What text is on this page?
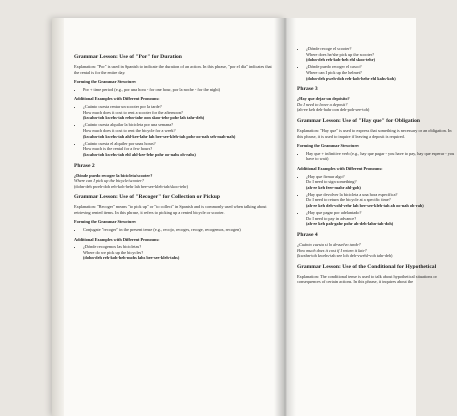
Grammar Lesson: Use of "Por" for Duration
Explanation: "Por" is used in Spanish to indicate the duration of an action. In this phrase, "por el día" indicates that the rental is for the entire day.
Forming the Grammar Structure:
• Por + time period (e.g., por una hora - for one hour, por la noche - for the night)
Additional Examples with Different Pronouns:
• ¿Cuánto cuesta rentar un scooter por la tarde?
How much does it cost to rent a scooter for the afternoon?
(kwahn-toh kwehs-tah rehn-tahr oon skoo-tehr pohr lah tahr-deh)
• ¿Cuánto cuesta alquilar la bicicleta por una semana?
How much does it cost to rent the bicycle for a week?
(kwahn-toh kwehs-tah ahl-kee-lahr lah bee-see-kleh-tah pohr oo-nah seh-mah-nah)
• ¿Cuánto cuesta el alquiler por unas horas?
How much is the rental for a few hours?
(kwahn-toh kwehs-tah ehl ahl-kee-lehr pohr oo-nahs oh-rahs)
Phrase 2
¿Dónde puedo recoger la bicicleta/scooter?
Where can I pick up the bicycle/scooter?
(dohn-deh pweh-doh reh-koh-hehr lah bee-see-kleh-tah/skoo-tehr)
Grammar Lesson: Use of "Recoger" for Collection or Pickup
Explanation: "Recoger" means "to pick up" or "to collect" in Spanish and is commonly used when talking about retrieving rented items. In this phrase, it refers to picking up a rented bicycle or scooter.
Forming the Grammar Structure:
• Conjugate "recoger" in the present tense (e.g., recojo, recoges, recoge, recogemos, recogen)
Additional Examples with Different Pronouns:
• ¿Dónde recogemos las bicicletas?
Where do we pick up the bicycles?
(dohn-deh reh-koh-heh-mohs lahs bee-see-kleh-tahs)
• ¿Dónde recoge el scooter?
Where does he/she pick up the scooter?
(dohn-deh reh-koh-heh ehl skoo-tehr)
• ¿Dónde puedo recoger el casco?
Where can I pick up the helmet?
(dohn-deh pweh-doh reh-koh-hehr ehl kahs-koh)
Phrase 3
¿Hay que dejar un depósito?
Do I need to leave a deposit?
(ah-ee keh deh-hahr oon deh-poh-see-toh)
Grammar Lesson: Use of "Hay que" for Obligation
Explanation: "Hay que" is used to express that something is necessary or an obligation. In this phrase, it is used to inquire if leaving a deposit is required.
Forming the Grammar Structure:
• Hay que + infinitive verb (e.g., hay que pagar - you have to pay, hay que esperar - you have to wait)
Additional Examples with Different Pronouns:
• ¿Hay que firmar algo?
Do I need to sign something?
(ah-ee keh feer-mahr ahl-goh)
• ¿Hay que devolver la bicicleta a una hora específica?
Do I need to return the bicycle at a specific time?
(ah-ee keh deh-vohl-vehr lah bee-see-kleh-tah ah oo-nah oh-rah)
• ¿Hay que pagar por adelantado?
Do I need to pay in advance?
(ah-ee keh pah-gahr pohr ah-deh-lahn-tah-doh)
Phrase 4
¿Cuánto cuesta si lo devuelvo tarde?
How much does it cost if I return it late?
(kwahn-toh kwehs-tah see loh deh-vwehl-voh tahr-deh)
Grammar Lesson: Use of the Conditional for Hypothetical
Explanation: The conditional tense is used to talk about hypothetical situations or consequences of certain actions. In this phrase, it inquires about the
